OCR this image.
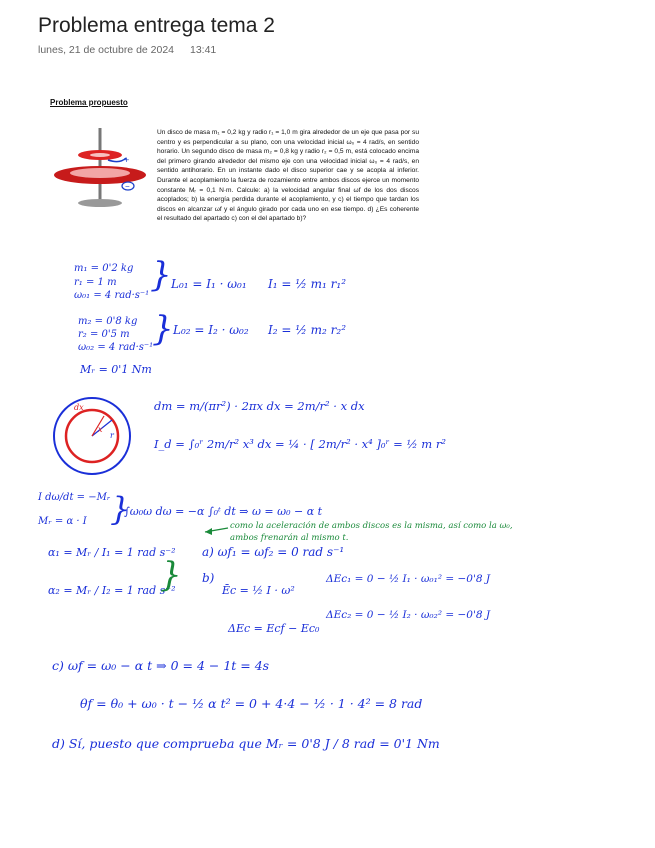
Problema entrega tema 2
lunes, 21 de octubre de 2024 13:41
Problema propuesto

Un disco de masa m₁ = 0,2 kg y radio r₁ = 1,0 m gira alrededor de un eje que pasa por su centro y es perpendicular a su plano, con una velocidad inicial ω₀ = 4 rad/s, en sentido horario. Un segundo disco de masa m₂ = 0,8 kg y radio r₂ = 0,5 m, está colocado encima del primero girando alrededor del mismo eje con una velocidad inicial ω₀ = 4 rad/s, en sentido antihorario. En un instante dado el disco superior cae y se acopla al inferior. Durante el acoplamiento la fuerza de rozamiento entre ambos discos ejerce un momento constante Mᵣ = 0,1 N·m. Calcule: a) la velocidad angular final ωf de los dos discos acoplados; b) la energía perdida durante el acoplamiento, y c) el tiempo que tardan los discos en alcanzar ωf y el ángulo girado por cada uno en ese tiempo. d) ¿Es coherente el resultado del apartado c) con el del apartado b)?

+
−
m₁ = 0'2 kg
r₁ = 1 m
ω₀₁ = 4 rad·s⁻¹
} L₀₁ = I₁ · ω₀₁ I₁ = ½ m₁ r₁²
m₂ = 0'8 kg
r₂ = 0'5 m
ω₀₂ = 4 rad·s⁻¹
} L₀₂ = I₂ · ω₀₂ I₂ = ½ m₂ r₂²
Mᵣ = 0'1 Nm
dx
x
r
dm = m/(πr²) · 2πx dx = 2m/r² · x dx
I_d = ∫₀ʳ 2m/r² x³ dx = ¼ · [ 2m/r² · x⁴ ]₀ʳ = ½ m r²
I dω/dt = −Mᵣ
Mᵣ = α · I }
∫ω₀ω dω = −α ∫₀ᵗ dt ⇒ ω = ω₀ − α t
como la aceleración de ambos discos es la misma, así como la ω₀, ambos frenarán al mismo t.
α₁ = Mᵣ / I₁ = 1 rad s⁻²
α₂ = Mᵣ / I₂ = 1 rad s⁻²
}
a) ωf₁ = ωf₂ = 0 rad s⁻¹
b)
Ēc = ½ I · ω²
ΔEc₁ = 0 − ½ I₁ · ω₀₁² = −0'8 J
ΔEc₂ = 0 − ½ I₂ · ω₀₂² = −0'8 J
ΔEc = Ecf − Ec₀
c) ωf = ω₀ − α t ⇒ 0 = 4 − 1t = 4s
θf = θ₀ + ω₀ · t − ½ α t² = 0 + 4·4 − ½ · 1 · 4² = 8 rad
d) Sí, puesto que comprueba que Mᵣ = 0'8 J / 8 rad = 0'1 Nm
